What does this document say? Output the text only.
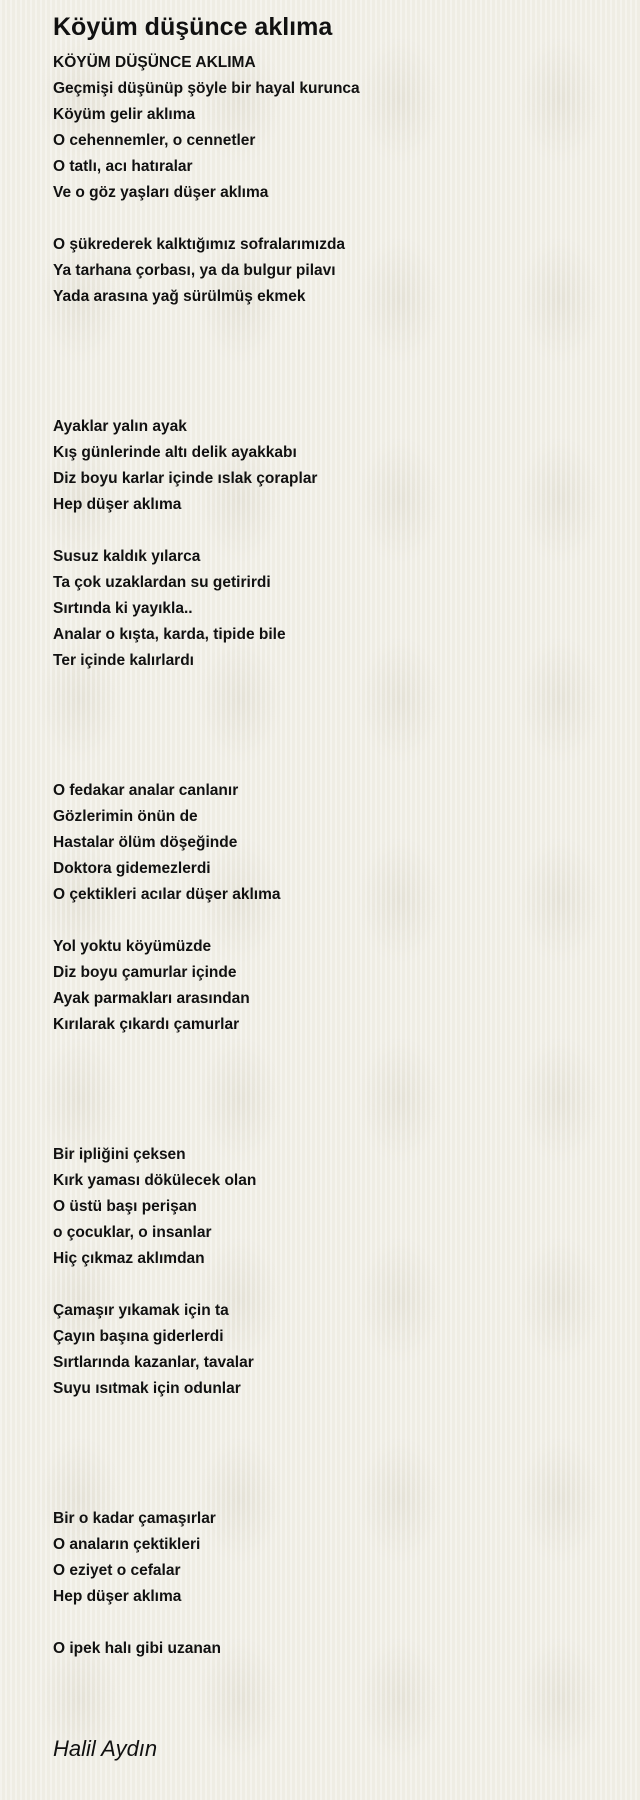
Köyüm düşünce aklıma
KÖYÜM DÜŞÜNCE AKLIMA
Geçmişi düşünüp şöyle bir hayal kurunca
Köyüm gelir aklıma
O cehennemler, o cennetler
O tatlı, acı hatıralar
Ve o göz yaşları düşer aklıma
O şükrederek kalktığımız sofralarımızda
Ya tarhana çorbası, ya da bulgur pilavı
Yada arasına yağ sürülmüş ekmek
Ayaklar yalın ayak
Kış günlerinde altı delik ayakkabı
Diz boyu karlar içinde ıslak çoraplar
Hep düşer aklıma
Susuz kaldık yılarca
Ta çok uzaklardan su getirirdi
Sırtında ki yayıkla..
Analar o kışta, karda, tipide bile
Ter içinde kalırlardı
O fedakar analar canlanır
Gözlerimin önün de
Hastalar ölüm döşeğinde
Doktora gidemezlerdi
O çektikleri acılar düşer aklıma
Yol yoktu köyümüzde
Diz boyu çamurlar içinde
Ayak parmakları arasından
Kırılarak çıkardı çamurlar
Bir ipliğini çeksen
Kırk yaması dökülecek olan
O üstü başı perişan
o çocuklar, o insanlar
Hiç çıkmaz aklımdan
Çamaşır yıkamak için ta
Çayın başına giderlerdi
Sırtlarında kazanlar, tavalar
Suyu ısıtmak için odunlar
Bir o kadar çamaşırlar
O anaların çektikleri
O eziyet o cefalar
Hep düşer aklıma
O ipek halı gibi uzanan
Halil Aydın
